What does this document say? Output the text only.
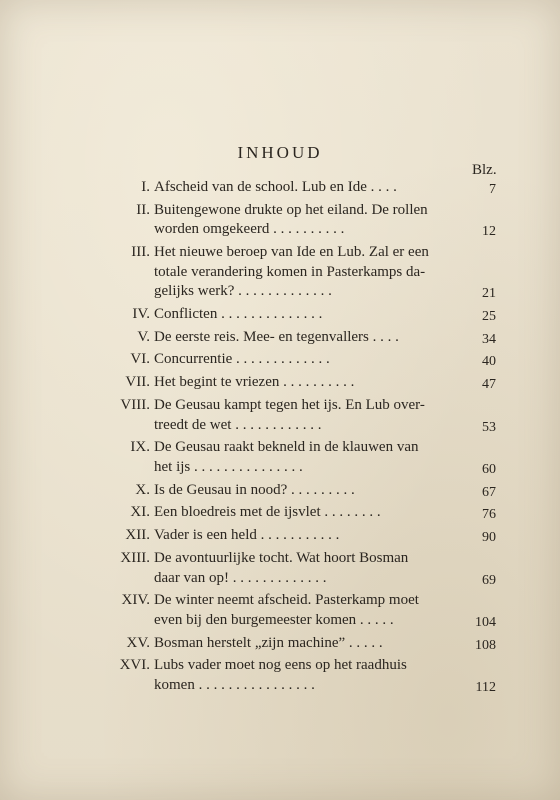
INHOUD
Blz.
I. Afscheid van de school. Lub en Ide . . . .	7
II. Buitengewone drukte op het eiland. De rollen
worden omgekeerd . . . . . . . . . .	12
III. Het nieuwe beroep van Ide en Lub. Zal er een
totale verandering komen in Pasterkamps da-
gelijks werk? . . . . . . . . . . . . .	21
IV. Conflicten . . . . . . . . . . . . . .	25
V. De eerste reis. Mee- en tegenvallers . . . .	34
VI. Concurrentie . . . . . . . . . . . . .	40
VII. Het begint te vriezen . . . . . . . . . .	47
VIII. De Geusau kampt tegen het ijs. En Lub over-
treedt de wet . . . . . . . . . . . .	53
IX. De Geusau raakt bekneld in de klauwen van
het ijs . . . . . . . . . . . . . . .	60
X. Is de Geusau in nood? . . . . . . . . .	67
XI. Een bloedreis met de ijsvlet . . . . . . . .	76
XII. Vader is een held . . . . . . . . . . .	90
XIII. De avontuurlijke tocht. Wat hoort Bosman
daar van op! . . . . . . . . . . . . .	69
XIV. De winter neemt afscheid. Pasterkamp moet
even bij den burgemeester komen . . . . .	104
XV. Bosman herstelt „zijn machine” . . . . .	108
XVI. Lubs vader moet nog eens op het raadhuis
komen . . . . . . . . . . . . . . . .	112
